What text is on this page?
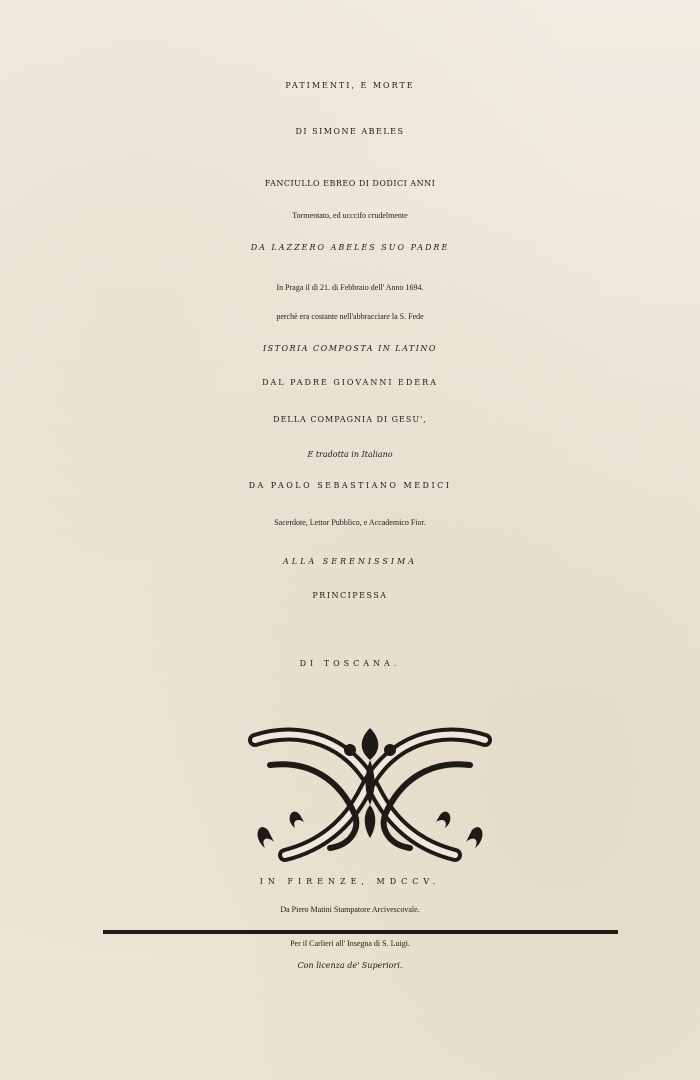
PATIMENTI, E MORTE
DI SIMONE ABELES
FANCIULLO EBREO DI DODICI ANNI
Tormentato, ed ucccifo crudelmente
DA LAZZERO ABELES SUO PADRE
In Praga il dì 21. di Febbraio dell' Anno 1694.
perchè era costante nell'abbracciare la S. Fede
ISTORIA COMPOSTA IN LATINO
DAL PADRE GIOVANNI EDERA
DELLA COMPAGNIA DI GESU',
E tradotta in Italiano
DA PAOLO SEBASTIANO MEDICI
Sacerdote, Lettor Pubblico, e Accademico Fior.
ALLA SERENISSIMA
PRINCIPESSA
DI TOSCANA.
IN FIRENZE, MDCCV.
Da Piero Matini Stampatore Arcivescovale.
Per il Carlieri all' Insegna di S. Luigi.
Con licenza de' Superiori.
